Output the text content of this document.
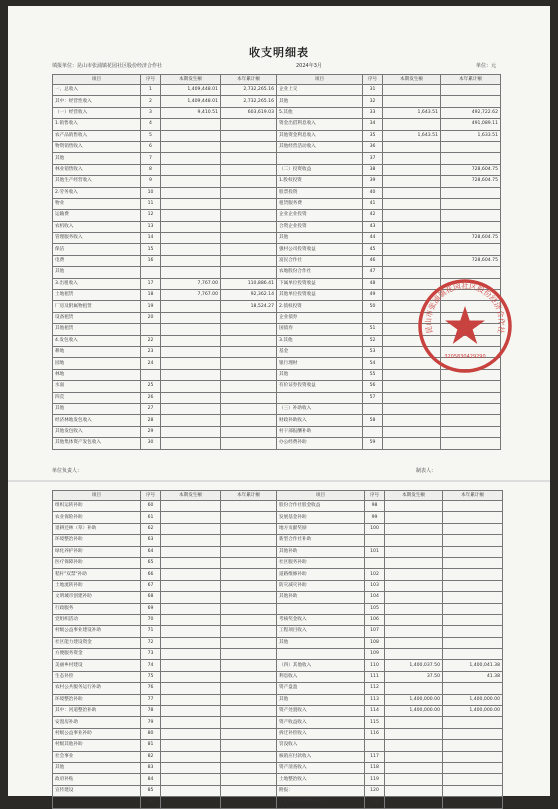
收支明细表
填报单位：昆山市张浦镇花园社区股份经济合作社	2024年3月	单位：元
项目	序号	本期发生额	本年累计额	项目	序号	本期发生额	本年累计额
一、总收入	1	1,409,448.01	2,732,265.16	企业上交	31		
其中：经营性收入	2	1,409,448.01	2,732,265.16	其他	32		
（一）经营收入	3	9,410.51	603,619.03	5.其他	33	1,643.51	492,722.62
1.销售收入	4			资金出借利息收入	34		491,089.11
农产品销售收入	5			其他资金利息收入	35	1,643.51	1,633.51
物资销售收入	6			其他经营活动收入	36		
其他	7				37		
林业销售收入	8			（二）投资收益	38		728,604.75
其他生产经营收入	9			1.股权投资	39		728,604.75
2.劳务收入	10			股票投资	40		
物业	11			租赁服务费	41		
运输费	12			企业企业投资	42		
农机收入	13			合资企业投资	43		
管理服务收入	14			其他	44		728,604.75
保洁	15			强村公司投资收益	45		
电费	16			富民合作社	46		728,604.75
其他				农地股份合作社	47		
3.出租收入	17	7,767.00	110,886.41	下属单位投资收益	48		
土地租赁	18	7,767.00	92,362.14	其他单位投资收益	49		
厂房及附属物租赁	19		18,524.27	2.债权投资	50		
设备租赁	20			企业债券			
其他租赁				国债券	51		
4.发包收入	22			3.其他	52		
耕地	23			基金	53		
园地	24			银行理财	54		
林地				其他	55		
水面	25			有价证券投资收益	56		
四荒	26				57		
其他	27			（三）补助收入			
经济林地发包收入	28			财政补助收入	58		
其他发包收入	29			村干部报酬补助			
其他集体资产发包收入	30			办公经费补助	59		
单位负责人：	制表人：
项目	序号	本期发生额	本年累计额	项目	序号	本期发生额	本年累计额
组织运转补助	60			股份合作社股金收益	98		
农业保险补助	61			发展基金补助	99		
退耕还林（草）补助	62			地方贡献奖励	100		
环境整治补助	63			新型合作社补助			
绿化养护补助	64			其他补助	101		
医疗保障补助	65			社区服务补助			
秸秆"双禁"补助	66			道路维修补助	102		
土地流转补助	67			防灾减灾补助	103		
文明城市创建补助	68			其他补助	104		
行政服务	69				105		
党组织活动	70			考核奖金收入	106		
村级公益事业建设补助	71			工程项目收入	107		
社区能力建设资金	72			其他	108		
方便服务资金	73				109		
美丽乡村建设	74			（四）其他收入	110	1,400,037.50	1,400,041.38
生态补偿	75			利息收入	111	37.50	41.38
农村公共服务运行补助	76			资产盘盈	112		
环境整治补助	77			其他	113	1,400,000.00	1,400,000.00
其中：河道整治补助	78			资产处置收入	114	1,400,000.00	1,400,000.00
安置房补助	79			资产收益收入	115		
村级公益事业补助	80			拆迁补偿收入	116		
村级其他补助	81			罚没收入			
社会事业	82			核销应付款收入	117		
其他	83			资产清查收入	118		
政府补贴	84			土地整治收入	119		
宣传建设	85			附报：	120		
	86			1.征地补偿费集体部分	122		
昆山市张浦镇花园社区股份经济合作社
3205830429290
